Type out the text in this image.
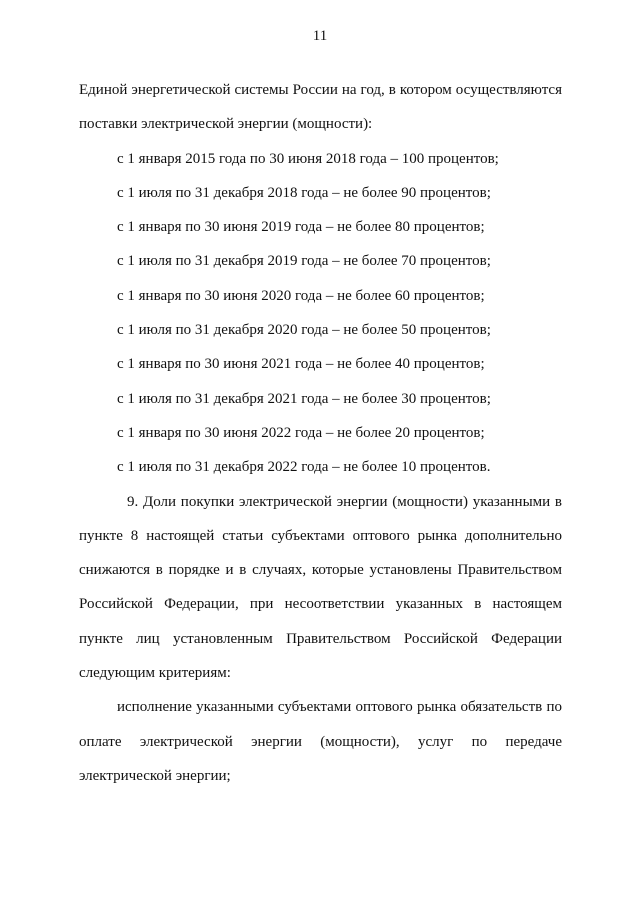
11
Единой энергетической системы России на год, в котором осуществляются
поставки электрической энергии (мощности):
с 1 января 2015 года по 30 июня 2018 года – 100 процентов;
с 1 июля по 31 декабря 2018 года – не более 90 процентов;
с 1 января по 30 июня 2019 года – не более 80 процентов;
с 1 июля по 31 декабря 2019 года – не более 70 процентов;
с 1 января по 30 июня 2020 года – не более 60 процентов;
с 1 июля по 31 декабря 2020 года – не более 50 процентов;
с 1 января по 30 июня 2021 года – не более 40 процентов;
с 1 июля по 31 декабря 2021 года – не более 30 процентов;
с 1 января по 30 июня 2022 года – не более 20 процентов;
с 1 июля по 31 декабря 2022 года – не более 10 процентов.
9. Доли покупки электрической энергии (мощности) указанными в
пункте 8 настоящей статьи субъектами оптового рынка дополнительно
снижаются в порядке и в случаях, которые установлены Правительством
Российской Федерации, при несоответствии указанных в настоящем
пункте лиц установленным Правительством Российской Федерации
следующим критериям:
исполнение указанными субъектами оптового рынка обязательств по
оплате электрической энергии (мощности), услуг по передаче
электрической энергии;
